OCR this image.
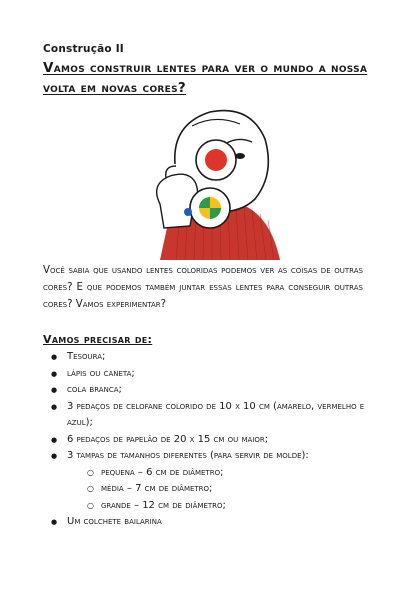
Construção II
Vamos construir lentes para ver o mundo a nossa volta em novas cores?
Você sabia que usando lentes coloridas podemos ver as coisas de outras cores? E que podemos também juntar essas lentes para conseguir outras cores? Vamos experimentar?
Vamos precisar de:
● Tesoura;
● lápis ou caneta;
● cola branca;
● 3 pedaços de celofane colorido de 10 x 10 cm (amarelo, vermelho e azul);
● 6 pedaços de papelão de 20 x 15 cm ou maior;
● 3 tampas de tamanhos diferentes (para servir de molde):
○ pequena – 6 cm de diâmetro;
○ média – 7 cm de diâmetro;
○ grande – 12 cm de diâmetro;
● Um colchete bailarina
